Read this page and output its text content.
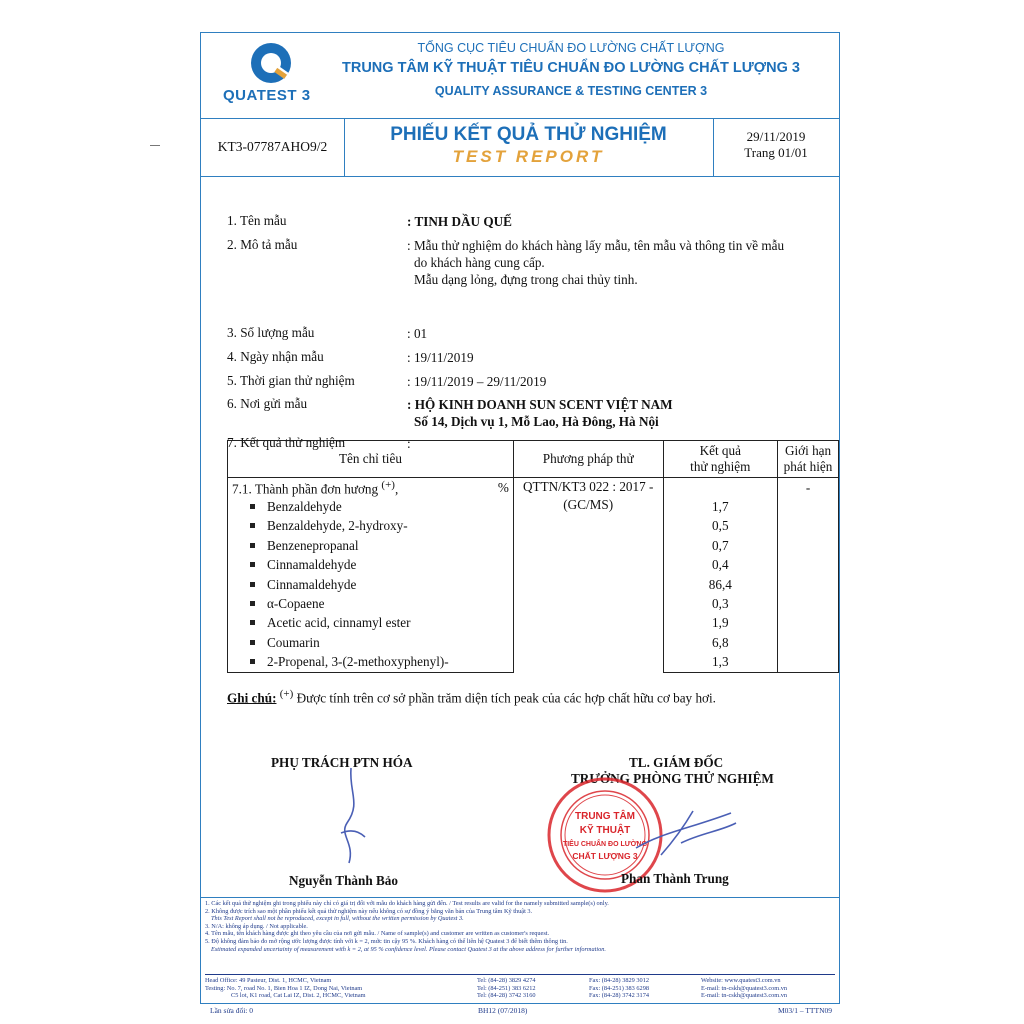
QUATEST 3
TỔNG CỤC TIÊU CHUẨN ĐO LƯỜNG CHẤT LƯỢNG
TRUNG TÂM KỸ THUẬT TIÊU CHUẨN ĐO LƯỜNG CHẤT LƯỢNG 3
QUALITY ASSURANCE & TESTING CENTER 3
KT3-07787AHO9/2
PHIẾU KẾT QUẢ THỬ NGHIỆM
TEST REPORT
29/11/2019
Trang 01/01
1. Tên mẫu	: TINH DẦU QUẾ
2. Mô tả mẫu	: Mẫu thử nghiệm do khách hàng lấy mẫu, tên mẫu và thông tin về mẫu
do khách hàng cung cấp.
Mẫu dạng lỏng, đựng trong chai thủy tinh.
3. Số lượng mẫu	: 01
4. Ngày nhận mẫu	: 19/11/2019
5. Thời gian thử nghiệm	: 19/11/2019 – 29/11/2019
6. Nơi gửi mẫu	: HỘ KINH DOANH SUN SCENT VIỆT NAM
Số 14, Dịch vụ 1, Mỗ Lao, Hà Đông, Hà Nội
7. Kết quả thử nghiệm	:
Tên chỉ tiêu	Phương pháp thử	Kết quả
thử nghiệm	Giới hạn
phát hiện
7.1. Thành phần đơn hương (+), %	QTTN/KT3 022 : 2017 -
(GC/MS)		-
Benzaldehyde		1,7	
Benzaldehyde, 2-hydroxy-		0,5	
Benzenepropanal		0,7	
Cinnamaldehyde		0,4	
Cinnamaldehyde		86,4	
α-Copaene		0,3	
Acetic acid, cinnamyl ester		1,9	
Coumarin		6,8	
2-Propenal, 3-(2-methoxyphenyl)-		1,3	
Ghi chú: (+) Được tính trên cơ sở phần trăm diện tích peak của các hợp chất hữu cơ bay hơi.
PHỤ TRÁCH PTN HÓA	TL. GIÁM ĐỐC
TRƯỞNG PHÒNG THỬ NGHIỆM
TRUNG TÂM
KỸ THUẬT
TIÊU CHUẨN ĐO LƯỜNG
CHẤT LƯỢNG 3
Nguyễn Thành Bảo	Phan Thành Trung
1. Các kết quả thử nghiệm ghi trong phiếu này chỉ có giá trị đối với mẫu do khách hàng gửi đến. / Test results are valid for the namely submitted sample(s) only.
2. Không được trích sao một phần phiếu kết quả thử nghiệm này nếu không có sự đồng ý bằng văn bản của Trung tâm Kỹ thuật 3.
This Test Report shall not be reproduced, except in full, without the written permission by Quatest 3.
3. N/A: không áp dụng. / Not applicable.
4. Tên mẫu, tên khách hàng được ghi theo yêu cầu của nơi gửi mẫu. / Name of sample(s) and customer are written as customer's request.
5. Độ không đảm bảo đo mở rộng ước lượng được tính với k = 2, mức tin cậy 95 %. Khách hàng có thể liên hệ Quatest 3 để biết thêm thông tin.
Estimated expanded uncertainty of measurement with k = 2, at 95 % confidence level. Please contact Quatest 3 at the above address for further information.
Head Office: 49 Pasteur, Dist. 1, HCMC, Vietnam
Testing: No. 7, road No. 1, Bien Hoa 1 IZ, Dong Nai, Vietnam
C5 lot, K1 road, Cat Lai IZ, Dist. 2, HCMC, Vietnam
Tel: (84-28) 3829 4274
Tel: (84-251) 383 6212
Tel: (84-28) 3742 3160
Fax: (84-28) 3829 3012
Fax: (84-251) 383 6298
Fax: (84-28) 3742 3174
Website: www.quatest3.com.vn
E-mail: tn-cskh@quatest3.com.vn
E-mail: tn-cskh@quatest3.com.vn
Lần sửa đổi: 0	BH12 (07/2018)	M03/1 – TTTN09
